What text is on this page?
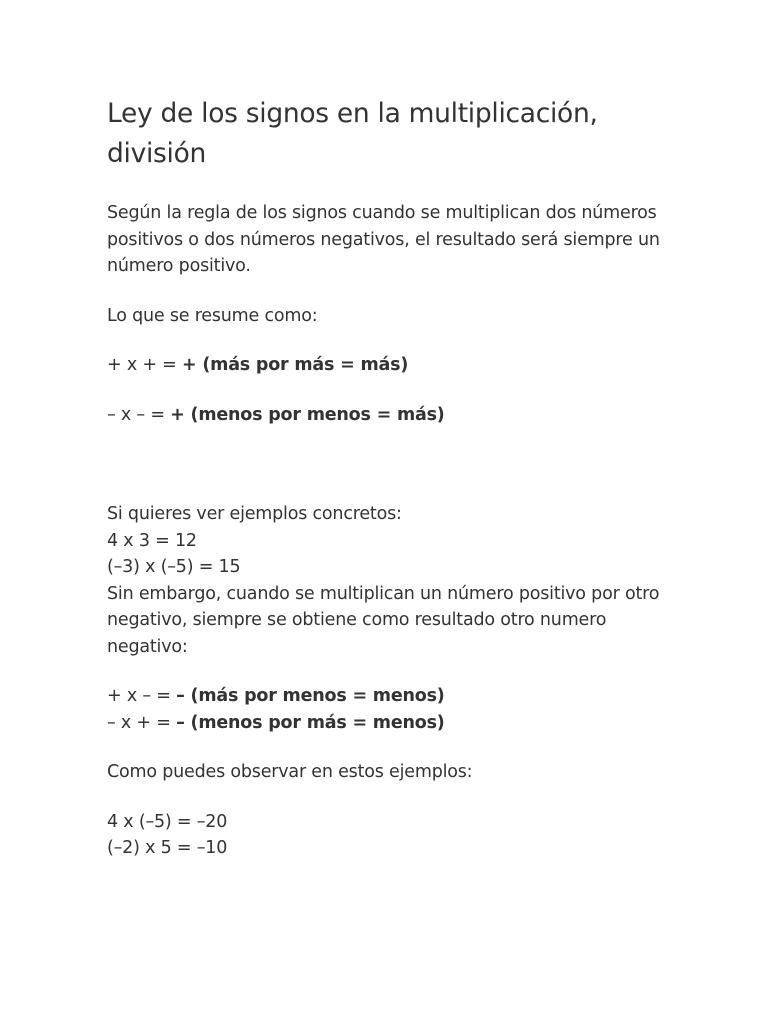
Ley de los signos en la multiplicación, división

Según la regla de los signos cuando se multiplican dos números positivos o dos números negativos, el resultado será siempre un número positivo.

Lo que se resume como:

+ x + = + (más por más = más)

– x – = + (menos por menos = más)

Si quieres ver ejemplos concretos:

4 x 3 = 12

(–3) x (–5) = 15

Sin embargo, cuando se multiplican un número positivo por otro negativo, siempre se obtiene como resultado otro numero negativo:

+ x – = – (más por menos = menos)

– x + = – (menos por más = menos)

Como puedes observar en estos ejemplos:

4 x (–5) = –20

(–2) x 5 = –10
